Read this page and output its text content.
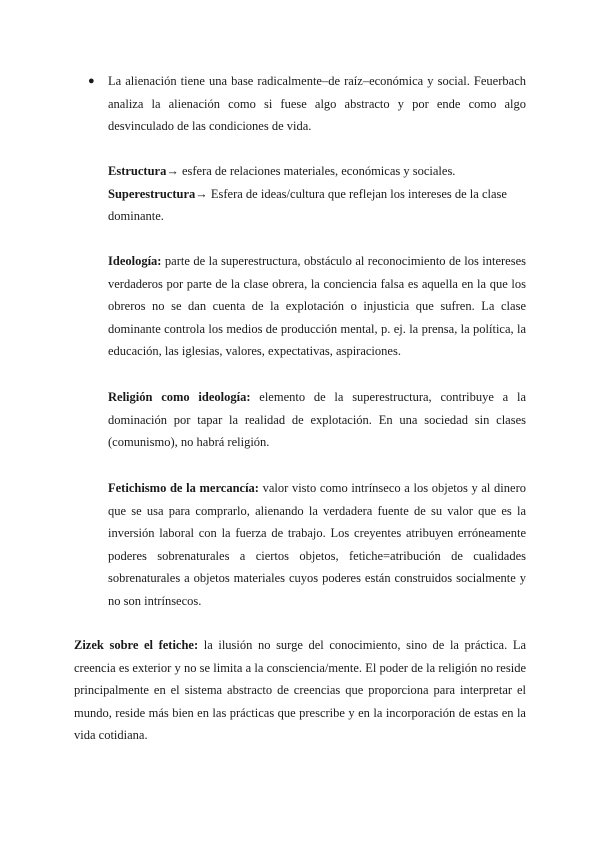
● La alienación tiene una base radicalmente–de raíz–económica y social. Feuerbach analiza la alienación como si fuese algo abstracto y por ende como algo desvinculado de las condiciones de vida.

Estructura→ esfera de relaciones materiales, económicas y sociales.

Superestructura→ Esfera de ideas/cultura que reflejan los intereses de la clase dominante.

Ideología: parte de la superestructura, obstáculo al reconocimiento de los intereses verdaderos por parte de la clase obrera, la conciencia falsa es aquella en la que los obreros no se dan cuenta de la explotación o injusticia que sufren. La clase dominante controla los medios de producción mental, p. ej. la prensa, la política, la educación, las iglesias, valores, expectativas, aspiraciones.

Religión como ideología: elemento de la superestructura, contribuye a la dominación por tapar la realidad de explotación. En una sociedad sin clases (comunismo), no habrá religión.

Fetichismo de la mercancía: valor visto como intrínseco a los objetos y al dinero que se usa para comprarlo, alienando la verdadera fuente de su valor que es la inversión laboral con la fuerza de trabajo. Los creyentes atribuyen erróneamente poderes sobrenaturales a ciertos objetos, fetiche=atribución de cualidades sobrenaturales a objetos materiales cuyos poderes están construidos socialmente y no son intrínsecos.

Zizek sobre el fetiche: la ilusión no surge del conocimiento, sino de la práctica. La creencia es exterior y no se limita a la consciencia/mente. El poder de la religión no reside principalmente en el sistema abstracto de creencias que proporciona para interpretar el mundo, reside más bien en las prácticas que prescribe y en la incorporación de estas en la vida cotidiana.
